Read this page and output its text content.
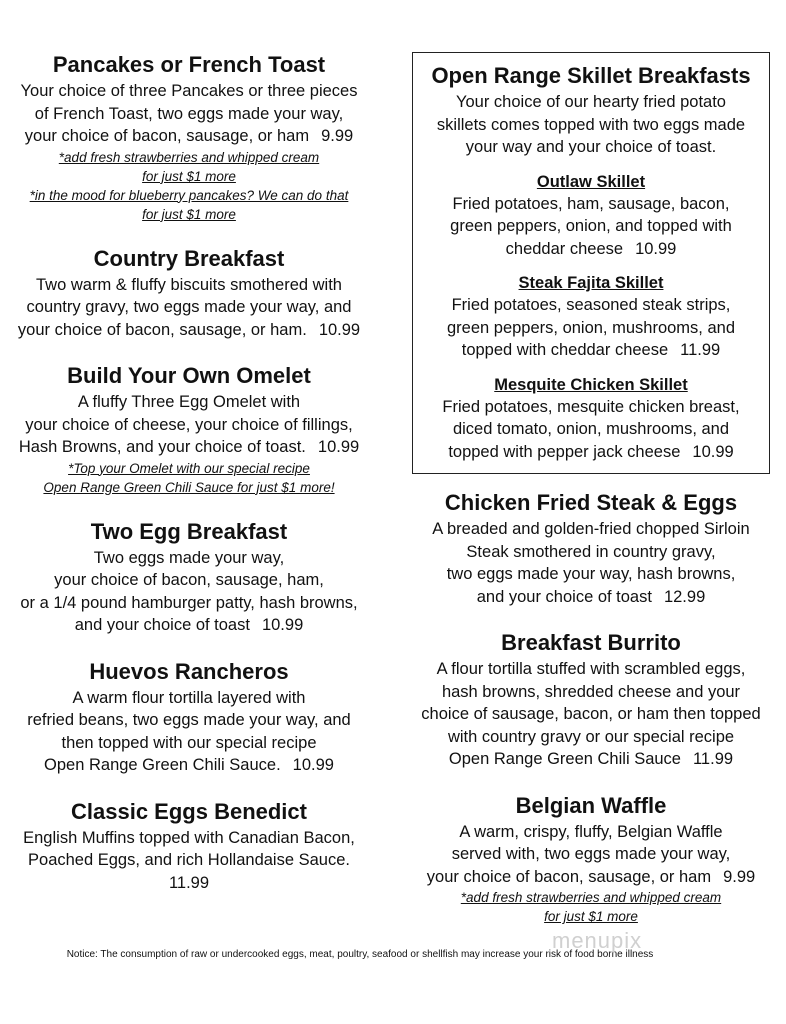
Pancakes or French Toast
Your choice of three Pancakes or three pieces
of French Toast, two eggs made your way,
your choice of bacon, sausage, or ham 9.99
*add fresh strawberries and whipped cream
for just $1 more
*in the mood for blueberry pancakes? We can do that
for just $1 more
Country Breakfast
Two warm & fluffy biscuits smothered with
country gravy, two eggs made your way, and
your choice of bacon, sausage, or ham. 10.99
Build Your Own Omelet
A fluffy Three Egg Omelet with
your choice of cheese, your choice of fillings,
Hash Browns, and your choice of toast. 10.99
*Top your Omelet with our special recipe
Open Range Green Chili Sauce for just $1 more!
Two Egg Breakfast
Two eggs made your way,
your choice of bacon, sausage, ham,
or a 1/4 pound hamburger patty, hash browns,
and your choice of toast 10.99
Huevos Rancheros
A warm flour tortilla layered with
refried beans, two eggs made your way, and
then topped with our special recipe
Open Range Green Chili Sauce. 10.99
Classic Eggs Benedict
English Muffins topped with Canadian Bacon,
Poached Eggs, and rich Hollandaise Sauce.
11.99
Open Range Skillet Breakfasts
Your choice of our hearty fried potato
skillets comes topped with two eggs made
your way and your choice of toast.
Outlaw Skillet
Fried potatoes, ham, sausage, bacon,
green peppers, onion, and topped with
cheddar cheese 10.99
Steak Fajita Skillet
Fried potatoes, seasoned steak strips,
green peppers, onion, mushrooms, and
topped with cheddar cheese 11.99
Mesquite Chicken Skillet
Fried potatoes, mesquite chicken breast,
diced tomato, onion, mushrooms, and
topped with pepper jack cheese 10.99
Chicken Fried Steak & Eggs
A breaded and golden-fried chopped Sirloin
Steak smothered in country gravy,
two eggs made your way, hash browns,
and your choice of toast 12.99
Breakfast Burrito
A flour tortilla stuffed with scrambled eggs,
hash browns, shredded cheese and your
choice of sausage, bacon, or ham then topped
with country gravy or our special recipe
Open Range Green Chili Sauce 11.99
Belgian Waffle
A warm, crispy, fluffy, Belgian Waffle
served with, two eggs made your way,
your choice of bacon, sausage, or ham 9.99
*add fresh strawberries and whipped cream
for just $1 more
Notice: The consumption of raw or undercooked eggs, meat, poultry, seafood or shellfish may increase your risk of food borne illness
menupix
